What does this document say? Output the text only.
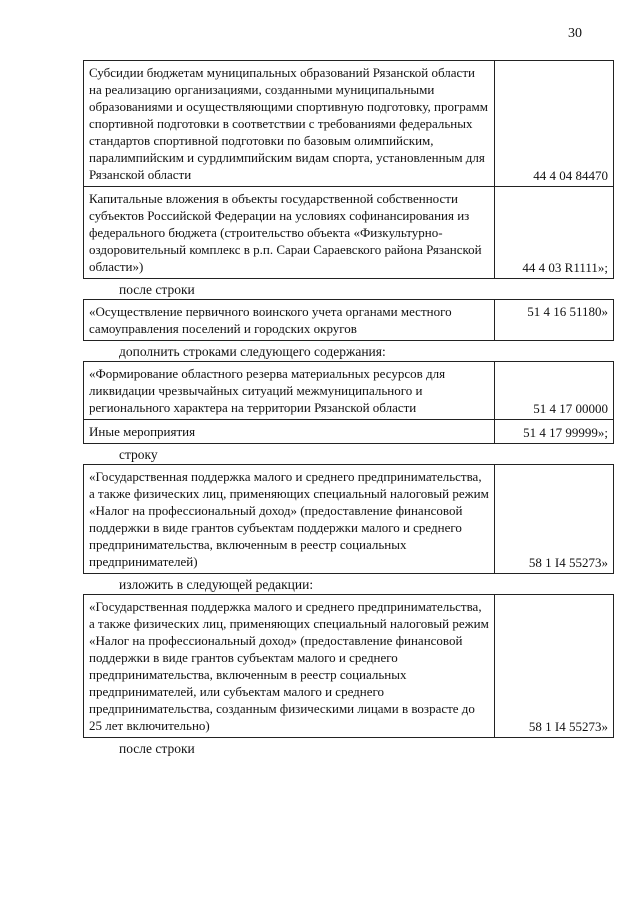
30
Субсидии бюджетам муниципальных образований Рязанской области на реализацию организациями, созданными муниципальными образованиями и осуществляющими спортивную подготовку, программ спортивной подготовки в соответствии с требованиями федеральных стандартов спортивной подготовки по базовым олимпийским, паралимпийским и сурдлимпийским видам спорта, установленным для Рязанской области	44 4 04 84470
Капитальные вложения в объекты государственной собственности субъектов Российской Федерации на условиях софинансирования из федерального бюджета (строительство объекта «Физкультурно-оздоровительный комплекс в р.п. Сараи Сараевского района Рязанской области»)	44 4 03 R1111»;
после строки
«Осуществление первичного воинского учета органами местного самоуправления поселений и городских округов	51 4 16 51180»
дополнить строками следующего содержания:
«Формирование областного резерва материальных ресурсов для ликвидации чрезвычайных ситуаций межмуниципального и регионального характера на территории Рязанской области	51 4 17 00000
Иные мероприятия	51 4 17 99999»;
строку
«Государственная поддержка малого и среднего предпринимательства, а также физических лиц, применяющих специальный налоговый режим «Налог на профессиональный доход» (предоставление финансовой поддержки в виде грантов субъектам поддержки малого и среднего предпринимательства, включенным в реестр социальных предпринимателей)	58 1 I4 55273»
изложить в следующей редакции:
«Государственная поддержка малого и среднего предпринимательства, а также физических лиц, применяющих специальный налоговый режим «Налог на профессиональный доход» (предоставление финансовой поддержки в виде грантов субъектам малого и среднего предпринимательства, включенным в реестр социальных предпринимателей, или субъектам малого и среднего предпринимательства, созданным физическими лицами в возрасте до 25 лет включительно)	58 1 I4 55273»
после строки
